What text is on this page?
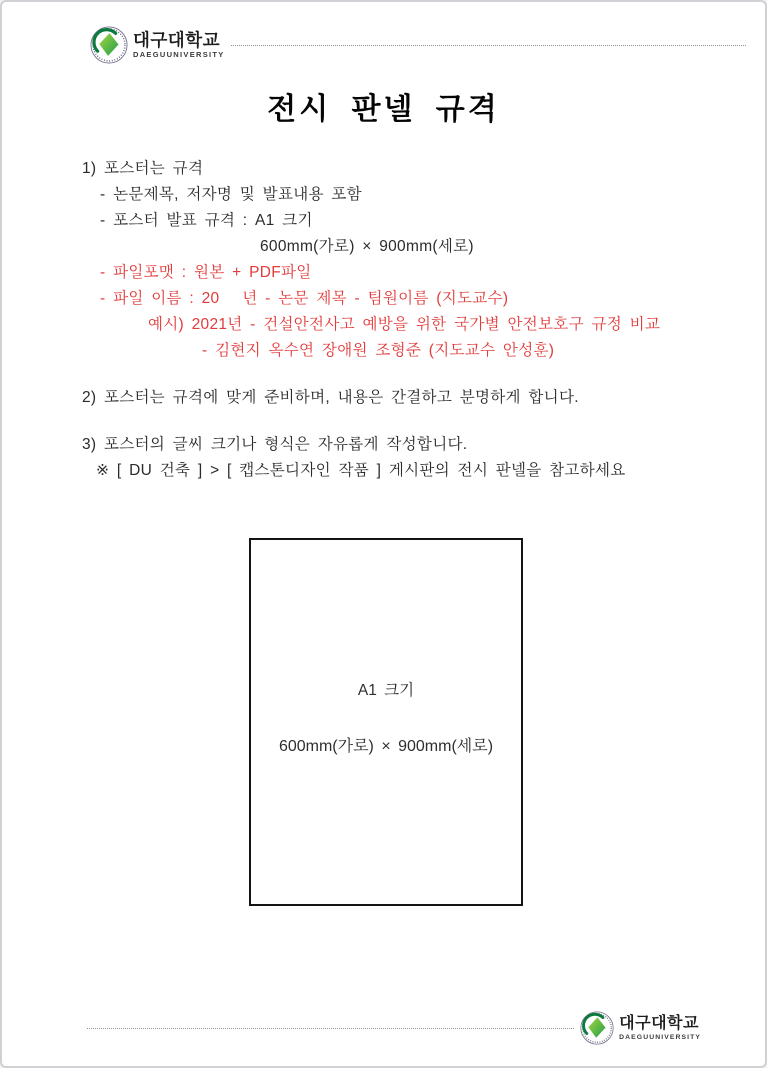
대구대학교
DAEGUUNIVERSITY
전시 판넬 규격
1) 포스터는 규격
- 논문제목, 저자명 및 발표내용 포함
- 포스터 발표 규격 : A1 크기
600mm(가로) × 900mm(세로)
- 파일포맷 : 원본 + PDF파일
- 파일 이름 : 20   년 - 논문 제목 - 팀원이름 (지도교수)
예시) 2021년 - 건설안전사고 예방을 위한 국가별 안전보호구 규정 비교
- 김현지 옥수연 장애원 조형준 (지도교수 안성훈)
2) 포스터는 규격에 맞게 준비하며, 내용은 간결하고 분명하게 합니다.
3) 포스터의 글씨 크기나 형식은 자유롭게 작성합니다.
※ [ DU 건축 ] > [ 캡스톤디자인 작품 ] 게시판의 전시 판넬을 참고하세요
A1 크기
600mm(가로) × 900mm(세로)
대구대학교
DAEGUUNIVERSITY
